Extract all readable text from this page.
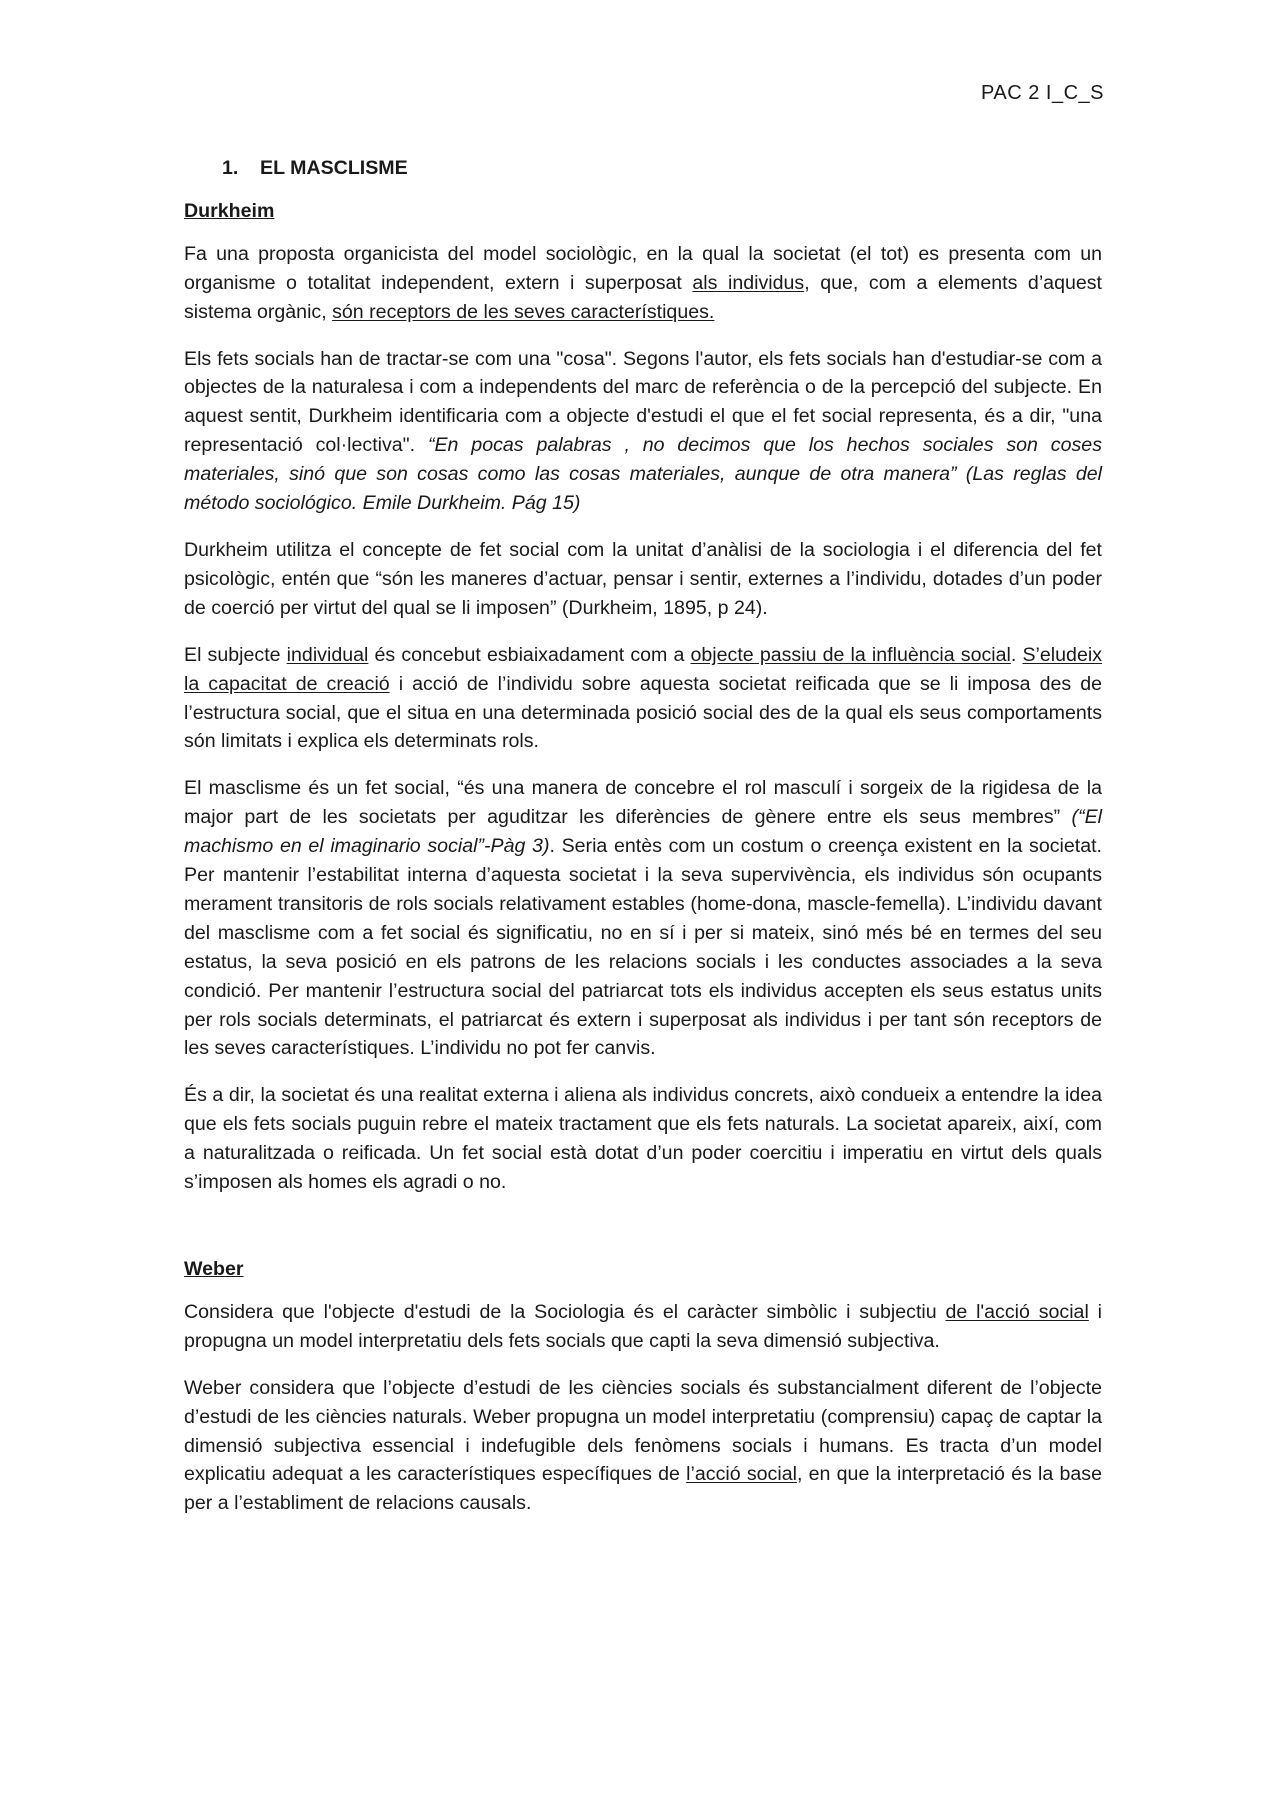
PAC 2 I_C_S
1. EL MASCLISME
Durkheim

Fa una proposta organicista del model sociològic, en la qual la societat (el tot) es presenta com un organisme o totalitat independent, extern i superposat als individus, que, com a elements d’aquest sistema orgànic, són receptors de les seves característiques.

Els fets socials han de tractar-se com una "cosa". Segons l'autor, els fets socials han d'estudiar-se com a objectes de la naturalesa i com a independents del marc de referència o de la percepció del subjecte. En aquest sentit, Durkheim identificaria com a objecte d'estudi el que el fet social representa, és a dir, "una representació col·lectiva". “En pocas palabras , no decimos que los hechos sociales son coses materiales, sinó que son cosas como las cosas materiales, aunque de otra manera” (Las reglas del método sociológico. Emile Durkheim. Pág 15)

Durkheim utilitza el concepte de fet social com la unitat d’anàlisi de la sociologia i el diferencia del fet psicològic, entén que “són les maneres d’actuar, pensar i sentir, externes a l’individu, dotades d’un poder de coerció per virtut del qual se li imposen” (Durkheim, 1895, p 24).

El subjecte individual és concebut esbiaixadament com a objecte passiu de la influència social. S’eludeix la capacitat de creació i acció de l’individu sobre aquesta societat reificada que se li imposa des de l’estructura social, que el situa en una determinada posició social des de la qual els seus comportaments són limitats i explica els determinats rols.

El masclisme és un fet social, “és una manera de concebre el rol masculí i sorgeix de la rigidesa de la major part de les societats per aguditzar les diferències de gènere entre els seus membres” (“El machismo en el imaginario social”-Pàg 3). Seria entès com un costum o creença existent en la societat. Per mantenir l’estabilitat interna d’aquesta societat i la seva supervivència, els individus són ocupants merament transitoris de rols socials relativament estables (home-dona, mascle-femella). L’individu davant del masclisme com a fet social és significatiu, no en sí i per si mateix, sinó més bé en termes del seu estatus, la seva posició en els patrons de les relacions socials i les conductes associades a la seva condició. Per mantenir l’estructura social del patriarcat tots els individus accepten els seus estatus units per rols socials determinats, el patriarcat és extern i superposat als individus i per tant són receptors de les seves característiques. L’individu no pot fer canvis.

És a dir, la societat és una realitat externa i aliena als individus concrets, això condueix a entendre la idea que els fets socials puguin rebre el mateix tractament que els fets naturals. La societat apareix, així, com a naturalitzada o reificada. Un fet social està dotat d’un poder coercitiu i imperatiu en virtut dels quals s’imposen als homes els agradi o no.

Weber

Considera que l'objecte d'estudi de la Sociologia és el caràcter simbòlic i subjectiu de l'acció social i propugna un model interpretatiu dels fets socials que capti la seva dimensió subjectiva.

Weber considera que l’objecte d’estudi de les ciències socials és substancialment diferent de l’objecte d’estudi de les ciències naturals. Weber propugna un model interpretatiu (comprensiu) capaç de captar la dimensió subjectiva essencial i indefugible dels fenòmens socials i humans. Es tracta d’un model explicatiu adequat a les característiques específiques de l’acció social, en que la interpretació és la base per a l’establiment de relacions causals.
